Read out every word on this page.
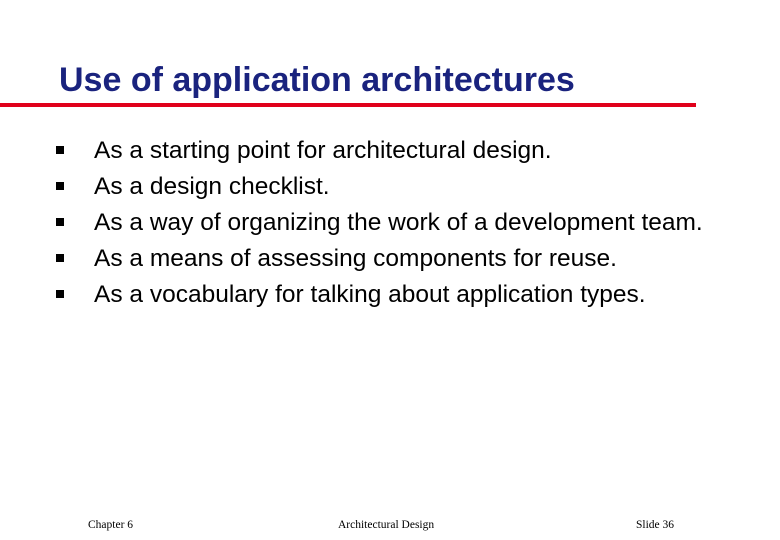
Use of application architectures
As a starting point for architectural design.
As a design checklist.
As a way of organizing the work of a development team.
As a means of assessing components for reuse.
As a vocabulary for talking about application types.
Chapter 6	Architectural Design	Slide 36
